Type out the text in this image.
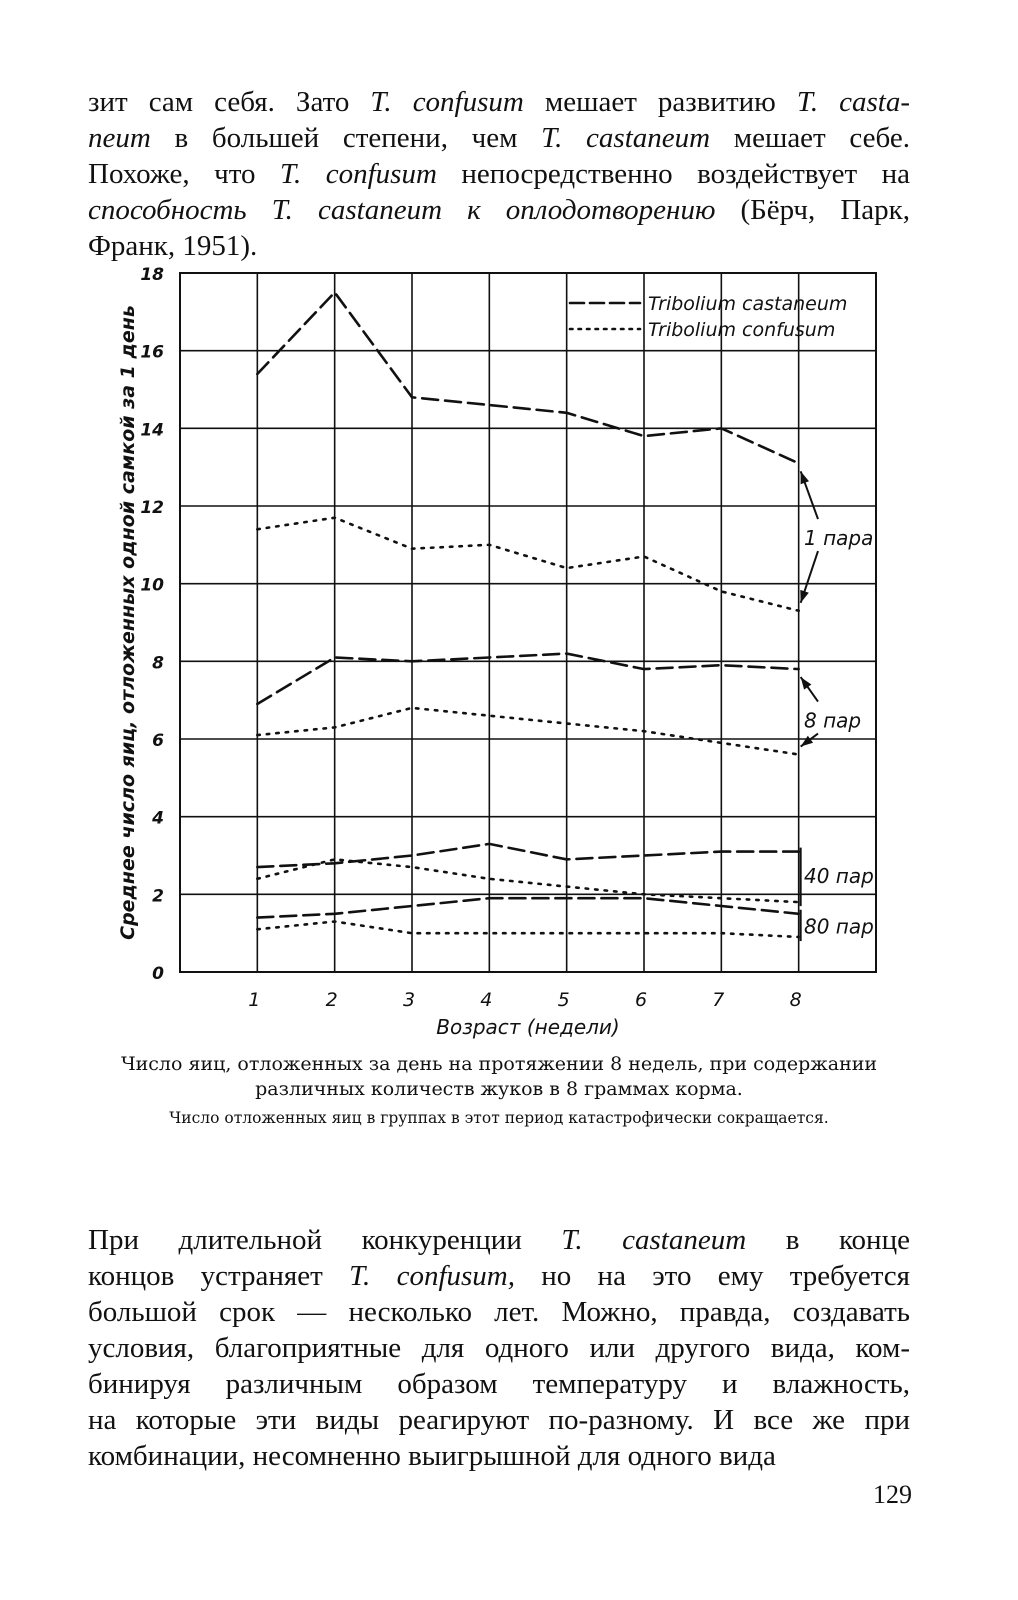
зит сам себя. Зато T. confusum мешает развитию T. casta-
neum в большей степени, чем T. castaneum мешает себе.
Похоже, что T. confusum непосредственно воздействует на
способность T. castaneum к оплодотворению (Бёрч, Парк,
Франк, 1951).
0
2
4
6
8
10
12
14
16
18
1	2	3	4	5	6	7	8
Возраст (недели)
Среднее число яиц, отложенных одной самкой за 1 день
Tribolium castaneum
Tribolium confusum
1 пара
8 пар
40 пар
80 пар

Число яиц, отложенных за день на протяжении 8 недель, при содержании различных количеств жуков в 8 граммах корма.

Число отложенных яиц в группах в этот период катастрофически сокращается.

При длительной конкуренции T. castaneum в конце
концов устраняет T. confusum, но на это ему требуется
большой срок — несколько лет. Можно, правда, создавать
условия, благоприятные для одного или другого вида, ком-
бинируя различным образом температуру и влажность,
на которые эти виды реагируют по-разному. И все же при
комбинации, несомненно выигрышной для одного вида
129
